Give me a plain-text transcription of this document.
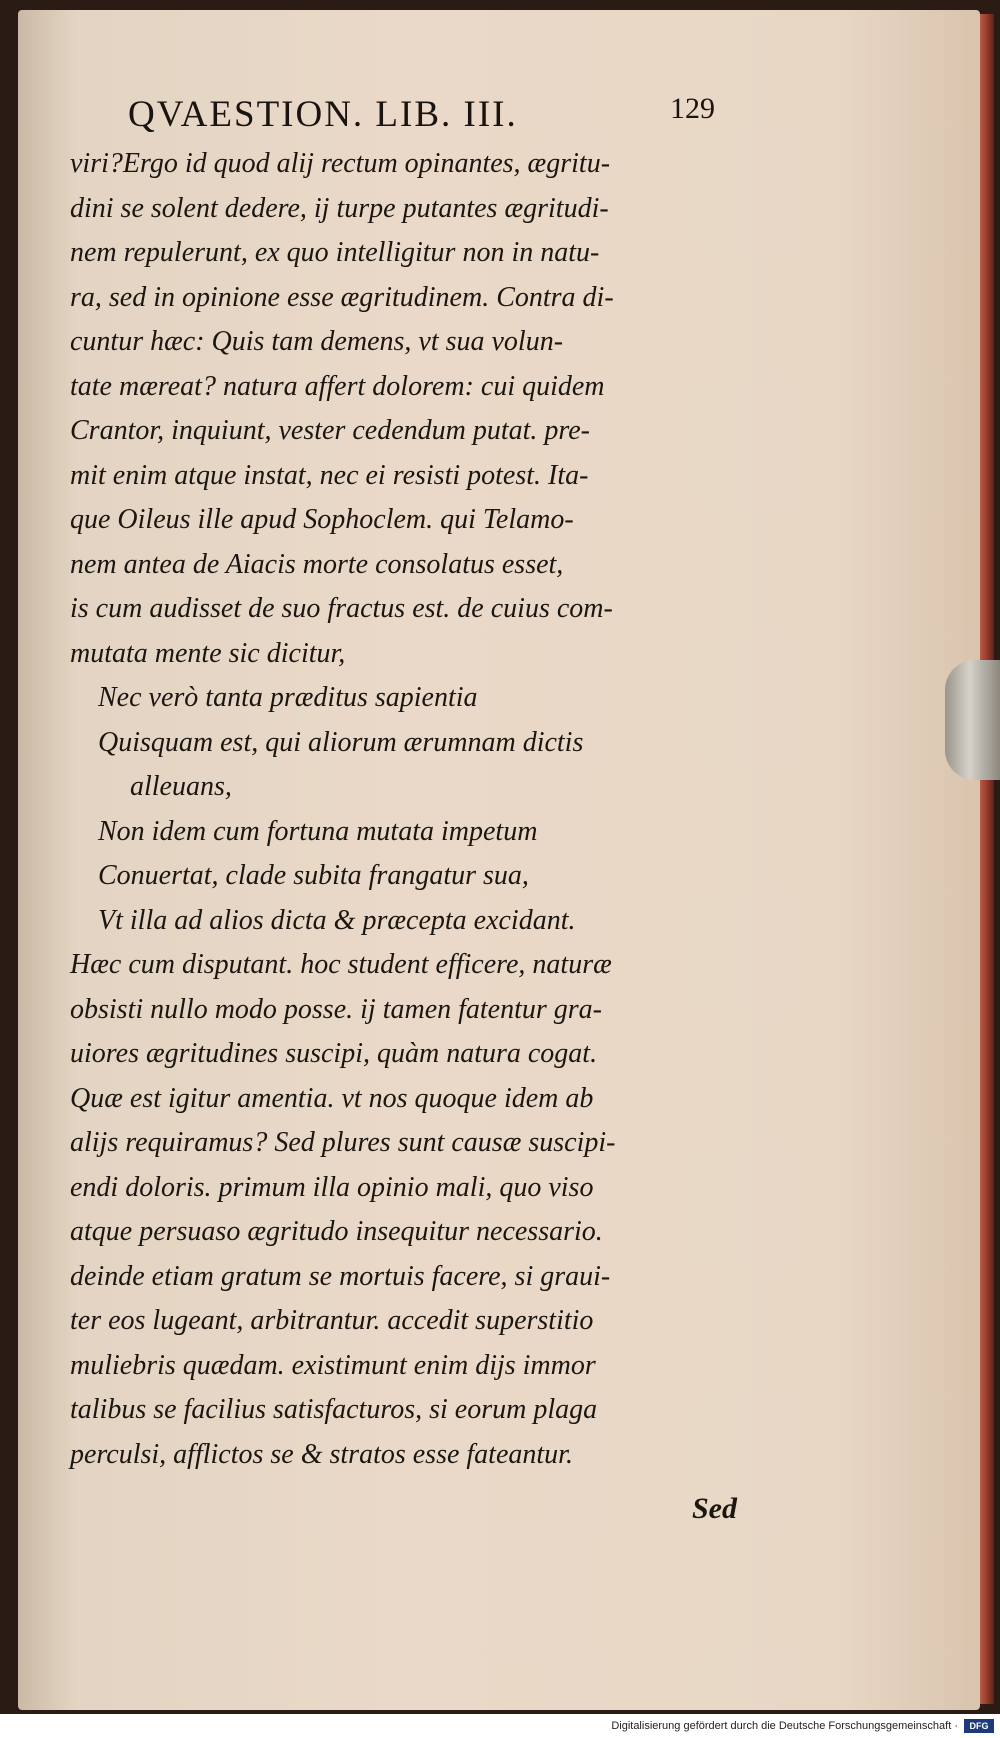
QVAESTION. LIB. III.	129
viri?Ergo id quod alij rectum opinantes, ægritu-
dini se solent dedere, ij turpe putantes ægritudi-
nem repulerunt, ex quo intelligitur non in natu-
ra, sed in opinione esse ægritudinem. Contra di-
cuntur hæc: Quis tam demens, vt sua volun-
tate mæreat? natura affert dolorem: cui quidem
Crantor, inquiunt, vester cedendum putat. pre-
mit enim atque instat, nec ei resisti potest. Ita-
que Oileus ille apud Sophoclem. qui Telamo-
nem antea de Aiacis morte consolatus esset,
is cum audisset de suo fractus est. de cuius com-
mutata mente sic dicitur,
Nec verò tanta præditus sapientia
Quisquam est, qui aliorum ærumnam dictis
alleuans,
Non idem cum fortuna mutata impetum
Conuertat, clade subita frangatur sua,
Vt illa ad alios dicta & præcepta excidant.
Hæc cum disputant. hoc student efficere, naturæ
obsisti nullo modo posse. ij tamen fatentur gra-
uiores ægritudines suscipi, quàm natura cogat.
Quæ est igitur amentia. vt nos quoque idem ab
alijs requiramus? Sed plures sunt causæ suscipi-
endi doloris. primum illa opinio mali, quo viso
atque persuaso ægritudo insequitur necessario.
deinde etiam gratum se mortuis facere, si graui-
ter eos lugeant, arbitrantur. accedit superstitio
muliebris quædam. existimunt enim dijs immor
talibus se facilius satisfacturos, si eorum plaga
perculsi, afflictos se & stratos esse fateantur.
Sed
Digitalisierung gefördert durch die Deutsche Forschungsgemeinschaft ·	DFG
